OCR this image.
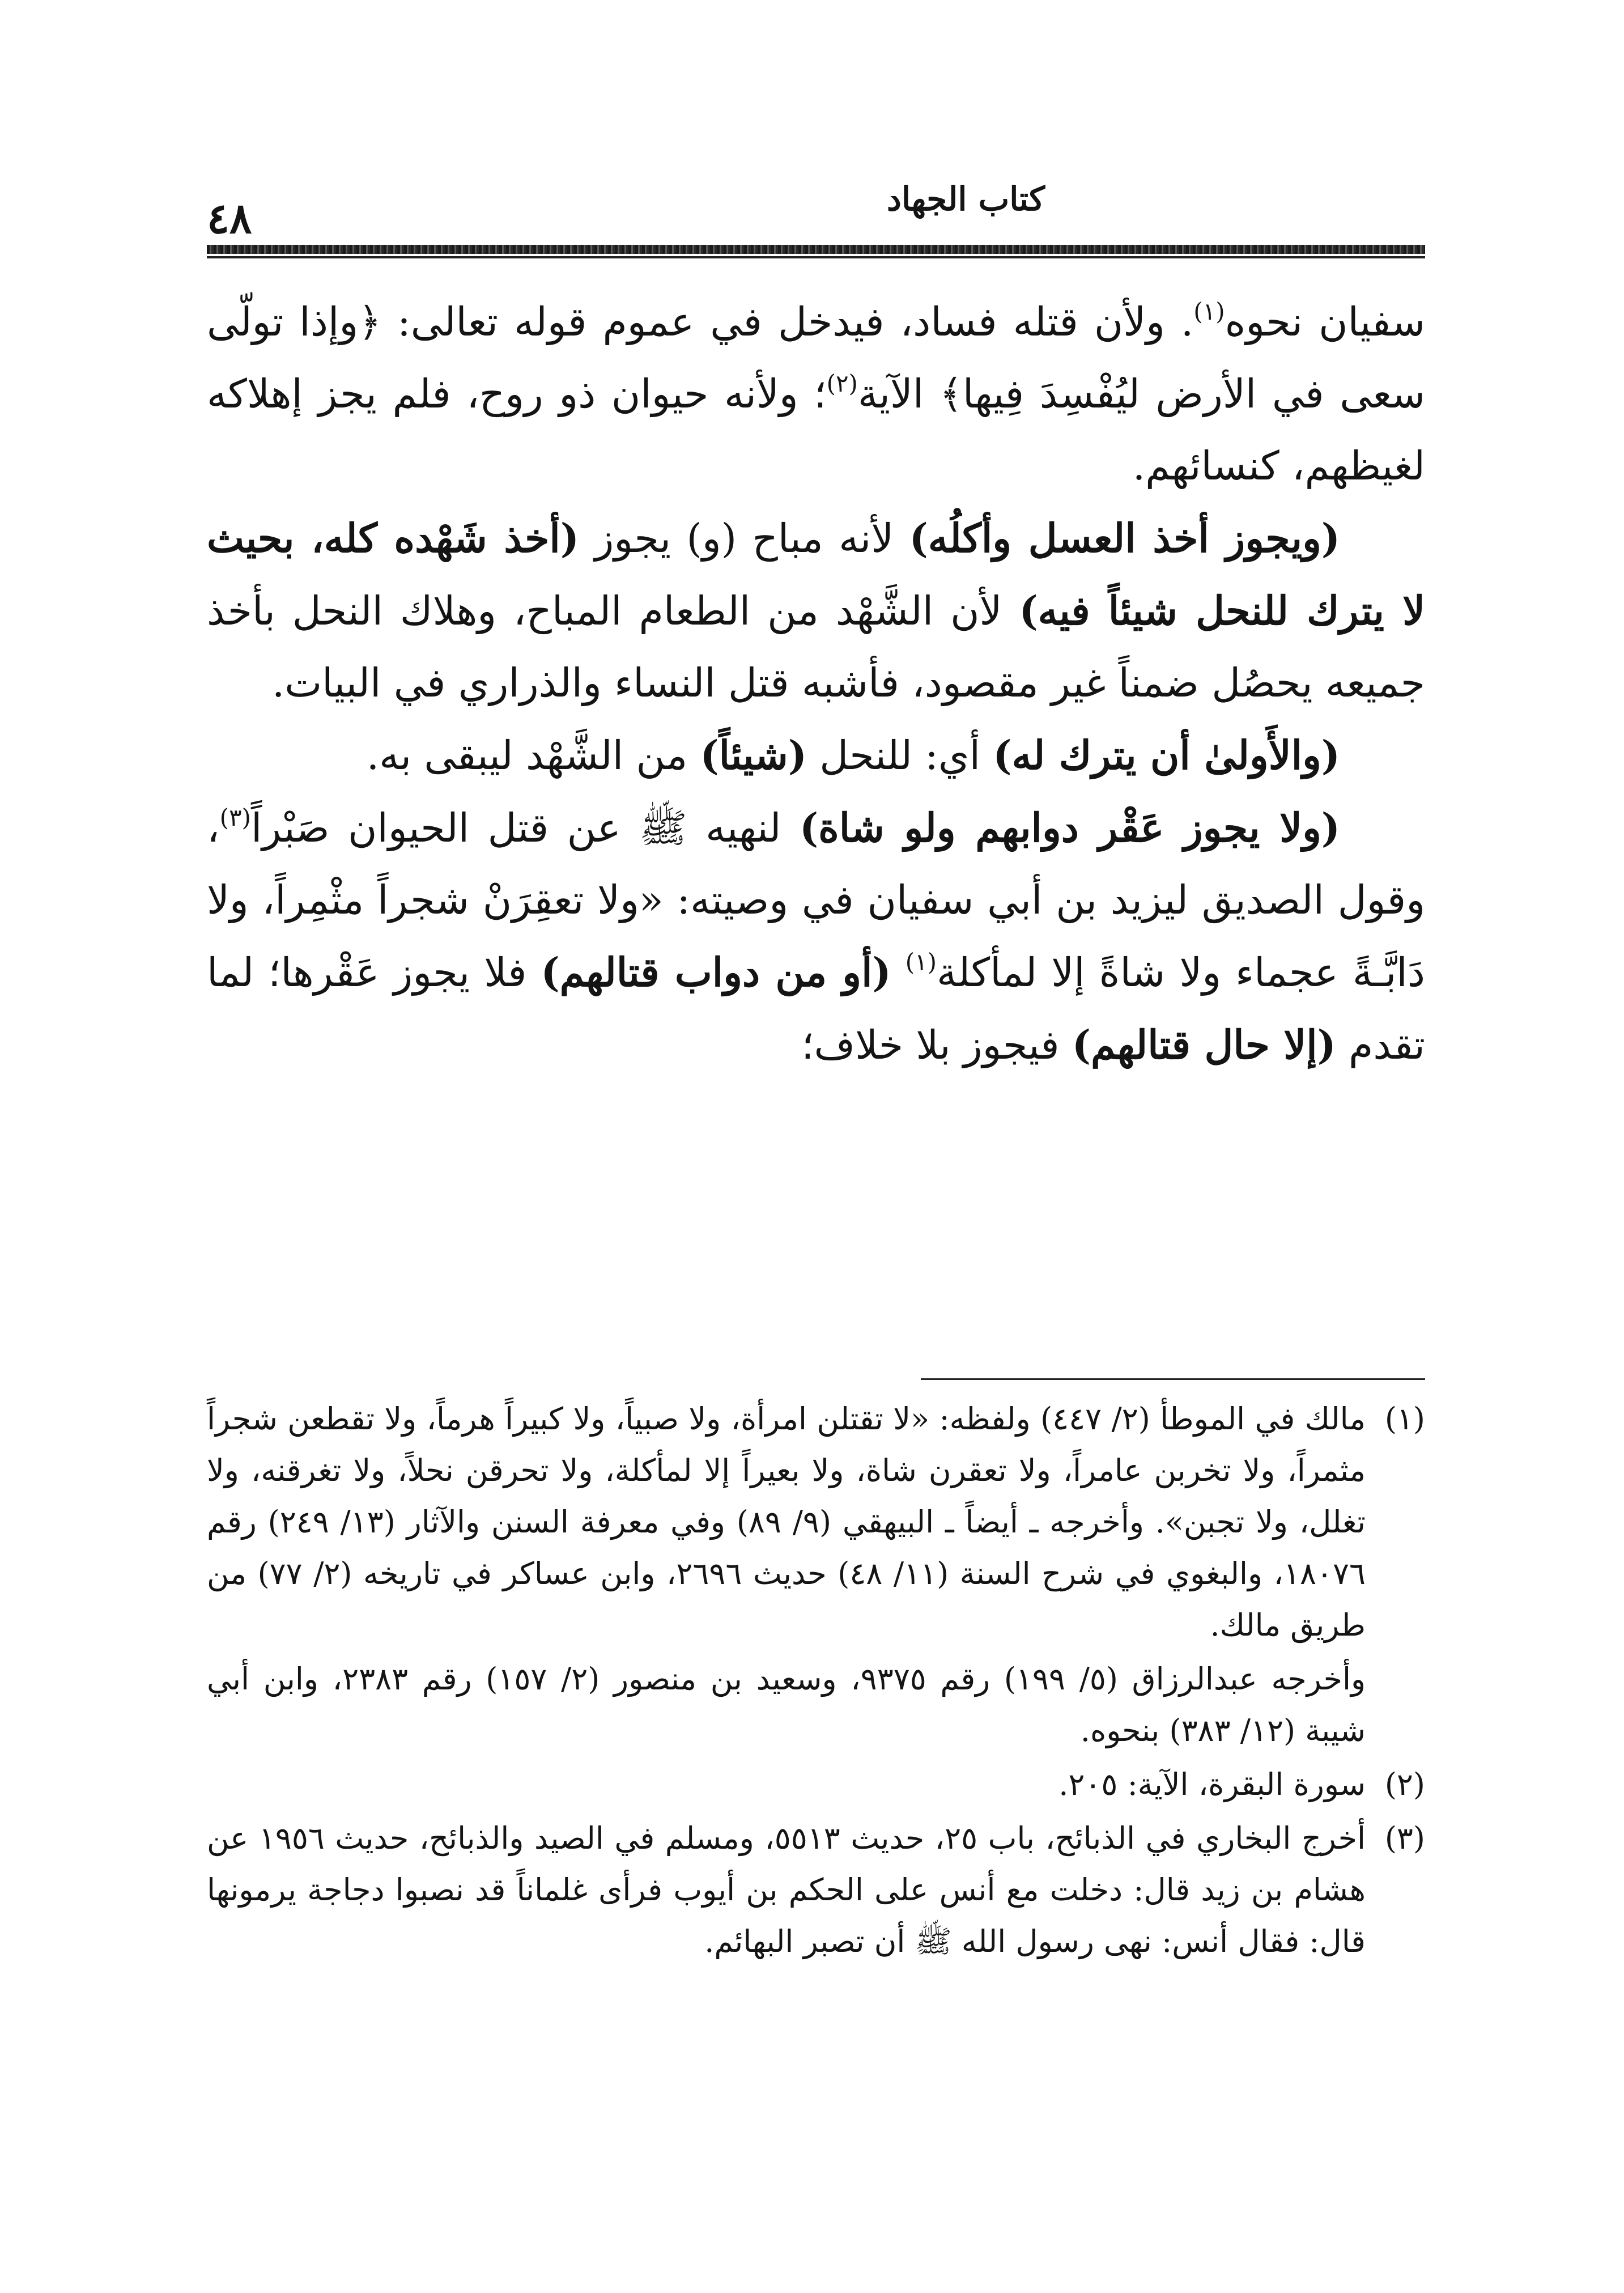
٤٨	كتاب الجهاد

سفيان نحوه$^{(١)}$. ولأن قتله فساد، فيدخل في عموم قوله تعالى: ﴿وإذا تولّى سعى في الأرض ليُفْسِدَ فِيها﴾ الآية$^{(٢)}$؛ ولأنه حيوان ذو روح، فلم يجز إهلاكه لغيظهم، كنسائهم.

(ويجوز أخذ العسل وأكلُه) لأنه مباح (و) يجوز (أخذ شَهْده كله، بحيث لا يترك للنحل شيئاً فيه) لأن الشَّهْد من الطعام المباح، وهلاك النحل بأخذ جميعه يحصُل ضمناً غير مقصود، فأشبه قتل النساء والذراري في البيات.

(والأَولىٰ أن يترك له) أي: للنحل (شيئاً) من الشَّهْد ليبقى به.

(ولا يجوز عَقْر دوابهم ولو شاة) لنهيه ﷺ عن قتل الحيوان صَبْراً$^{(٣)}$، وقول الصديق ليزيد بن أبي سفيان في وصيته: «ولا تعقِرَنْ شجراً مثْمِراً، ولا دَابَّـةً عجماء ولا شاةً إلا لمأكلة$^{(١)}$ (أو من دواب قتالهم) فلا يجوز عَقْرها؛ لما تقدم (إلا حال قتالهم) فيجوز بلا خلاف؛

(١)
مالك في الموطأ (٢/ ٤٤٧) ولفظه: «لا تقتلن امرأة، ولا صبياً، ولا كبيراً هرماً، ولا تقطعن شجراً مثمراً، ولا تخربن عامراً، ولا تعقرن شاة، ولا بعيراً إلا لمأكلة، ولا تحرقن نحلاً، ولا تغرقنه، ولا تغلل، ولا تجبن». وأخرجه ـ أيضاً ـ البيهقي (٩/ ٨٩) وفي معرفة السنن والآثار (١٣/ ٢٤٩) رقم ١٨٠٧٦، والبغوي في شرح السنة (١١/ ٤٨) حديث ٢٦٩٦، وابن عساكر في تاريخه (٢/ ٧٧) من طريق مالك.
وأخرجه عبدالرزاق (٥/ ١٩٩) رقم ٩٣٧٥، وسعيد بن منصور (٢/ ١٥٧) رقم ٢٣٨٣، وابن أبي شيبة (١٢/ ٣٨٣) بنحوه.
(٢)
سورة البقرة، الآية: ٢٠٥.
(٣)
أخرج البخاري في الذبائح، باب ٢٥، حديث ٥٥١٣، ومسلم في الصيد والذبائح، حديث ١٩٥٦ عن هشام بن زيد قال: دخلت مع أنس على الحكم بن أيوب فرأى غلماناً قد نصبوا دجاجة يرمونها قال: فقال أنس: نهى رسول الله ﷺ أن تصبر البهائم.
